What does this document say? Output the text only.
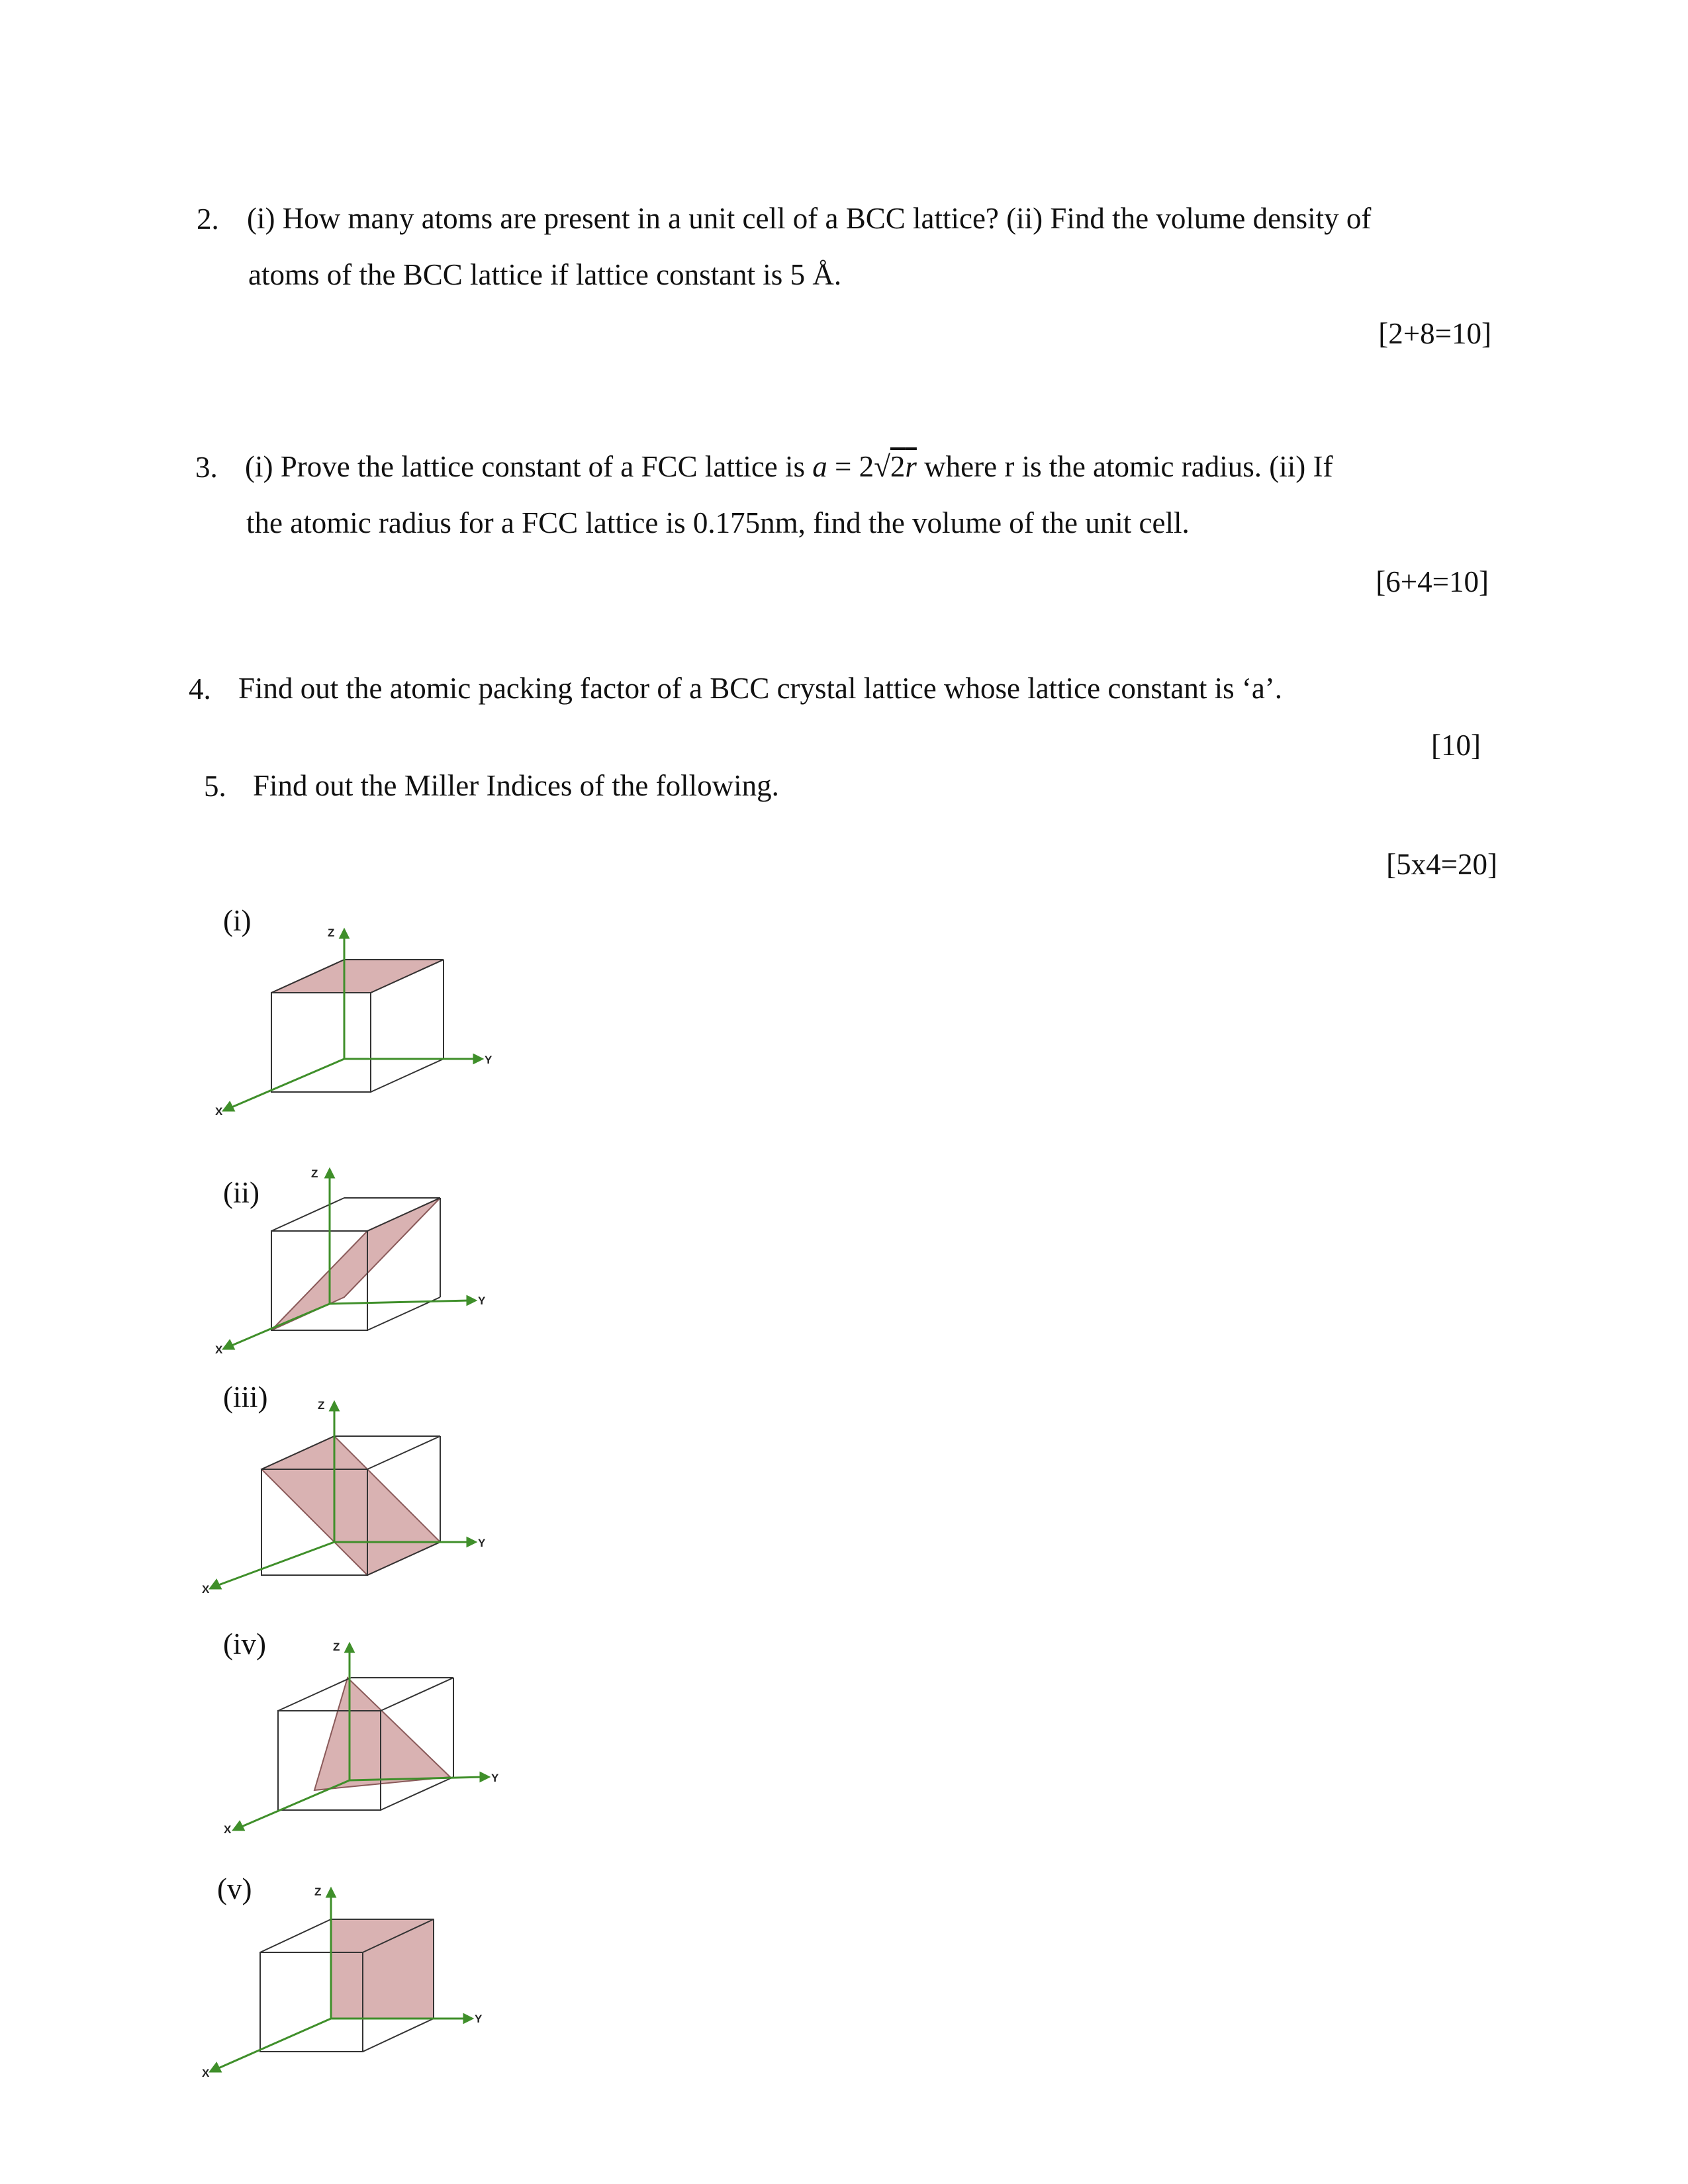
2. (i) How many atoms are present in a unit cell of a BCC lattice? (ii) Find the volume density of
atoms of the BCC lattice if lattice constant is 5 Å.
[2+8=10]
3. (i) Prove the lattice constant of a FCC lattice is a = 2√2r where r is the atomic radius. (ii) If
the atomic radius for a FCC lattice is 0.175nm, find the volume of the unit cell.
[6+4=10]
4. Find out the atomic packing factor of a BCC crystal lattice whose lattice constant is ‘a’.
[10]
5. Find out the Miller Indices of the following.
[5x4=20]
(i)
(ii)
(iii)
(iv)
(v)
Z
Y
X
Z
Y
X
Z
Y
X
Z
Y
X
Z
Y
X
